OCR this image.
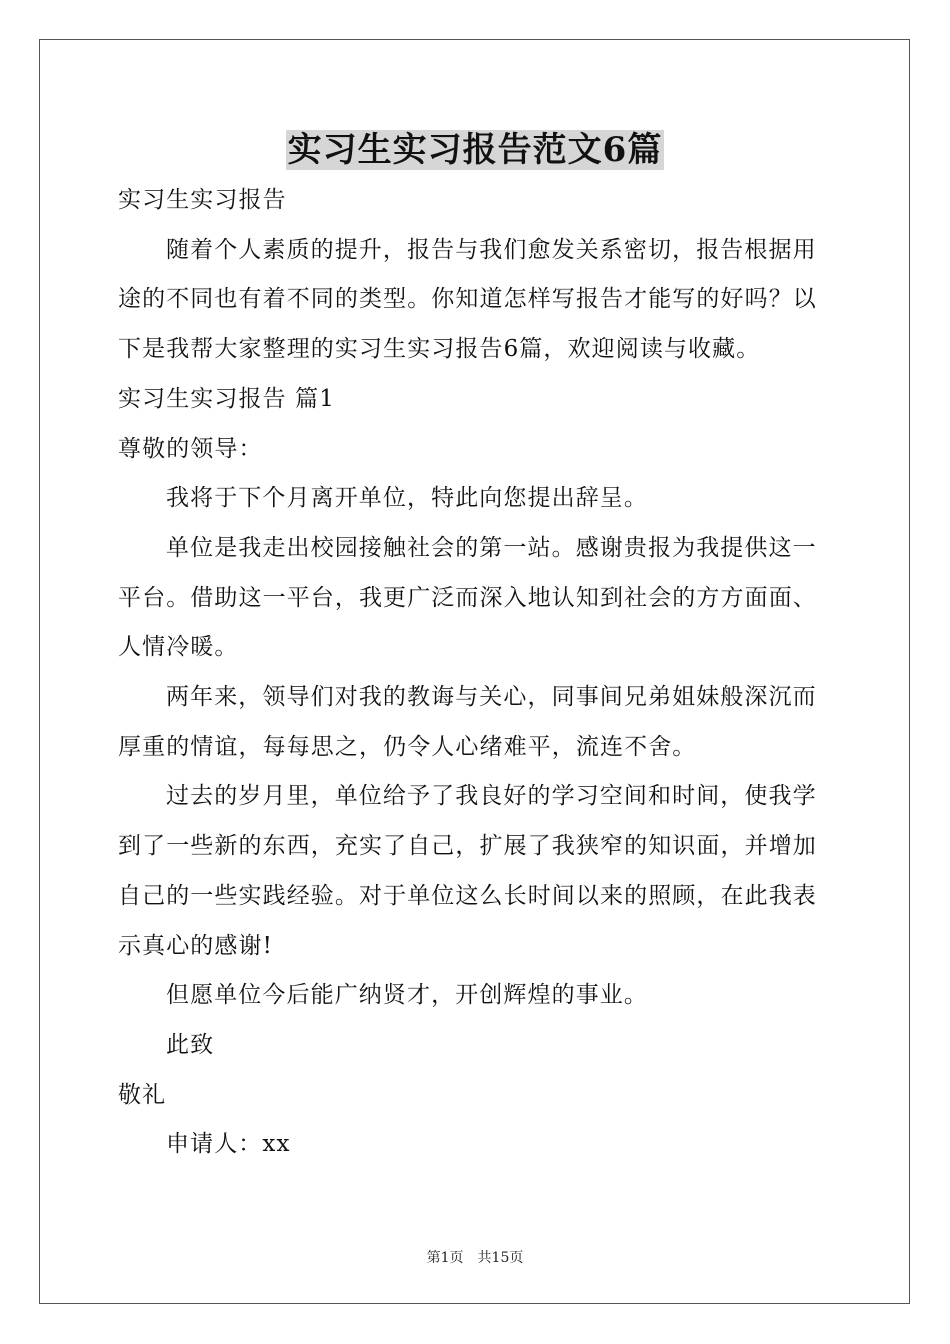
实习生实习报告范文6篇

实习生实习报告

随着个人素质的提升，报告与我们愈发关系密切，报告根据用途的不同也有着不同的类型。你知道怎样写报告才能写的好吗？以下是我帮大家整理的实习生实习报告6篇，欢迎阅读与收藏。

实习生实习报告 篇1

尊敬的领导：

我将于下个月离开单位，特此向您提出辞呈。

单位是我走出校园接触社会的第一站。感谢贵报为我提供这一平台。借助这一平台，我更广泛而深入地认知到社会的方方面面、人情冷暖。

两年来，领导们对我的教诲与关心，同事间兄弟姐妹般深沉而厚重的情谊，每每思之，仍令人心绪难平，流连不舍。

过去的岁月里，单位给予了我良好的学习空间和时间，使我学到了一些新的东西，充实了自己，扩展了我狭窄的知识面，并增加自己的一些实践经验。对于单位这么长时间以来的照顾，在此我表示真心的感谢!

但愿单位今后能广纳贤才，开创辉煌的事业。

此致

敬礼

申请人：xx

第1页　共15页
